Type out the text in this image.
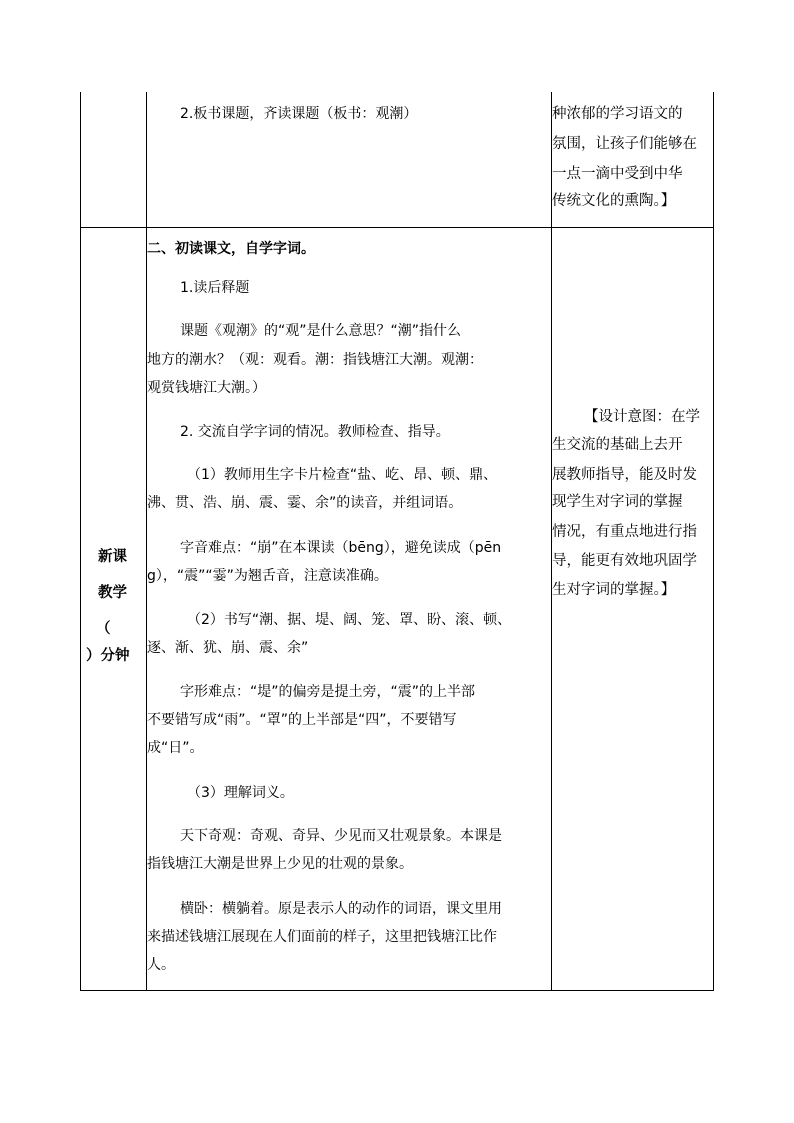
2.板书课题，齐读课题（板书：观潮）	种浓郁的学习语文的
氛围，让孩子们能够在
一点一滴中受到中华
传统文化的熏陶。】
新课
教学
（
）分钟
二、初读课文，自学字词。
1.读后释题
课题《观潮》的“观”是什么意思？“潮”指什么
地方的潮水？（观：观看。潮：指钱塘江大潮。观潮：
观赏钱塘江大潮。）
2. 交流自学字词的情况。教师检查、指导。
（1）教师用生字卡片检查“盐、屹、昂、顿、鼎、
沸、贯、浩、崩、震、霎、余”的读音，并组词语。
字音难点：“崩”在本课读（bēng），避免读成（pēn
g），“震”“霎”为翘舌音，注意读准确。
（2）书写“潮、据、堤、阔、笼、罩、盼、滚、顿、
逐、渐、犹、崩、震、余”
字形难点：“堤”的偏旁是提土旁，“震”的上半部
不要错写成“雨”。“罩”的上半部是“四”，不要错写
成“日”。
（3）理解词义。
天下奇观：奇观、奇异、少见而又壮观景象。本课是
指钱塘江大潮是世界上少见的壮观的景象。
横卧：横躺着。原是表示人的动作的词语，课文里用
来描述钱塘江展现在人们面前的样子，这里把钱塘江比作
人。
【设计意图：在学
生交流的基础上去开
展教师指导，能及时发
现学生对字词的掌握
情况，有重点地进行指
导，能更有效地巩固学
生对字词的掌握。】
